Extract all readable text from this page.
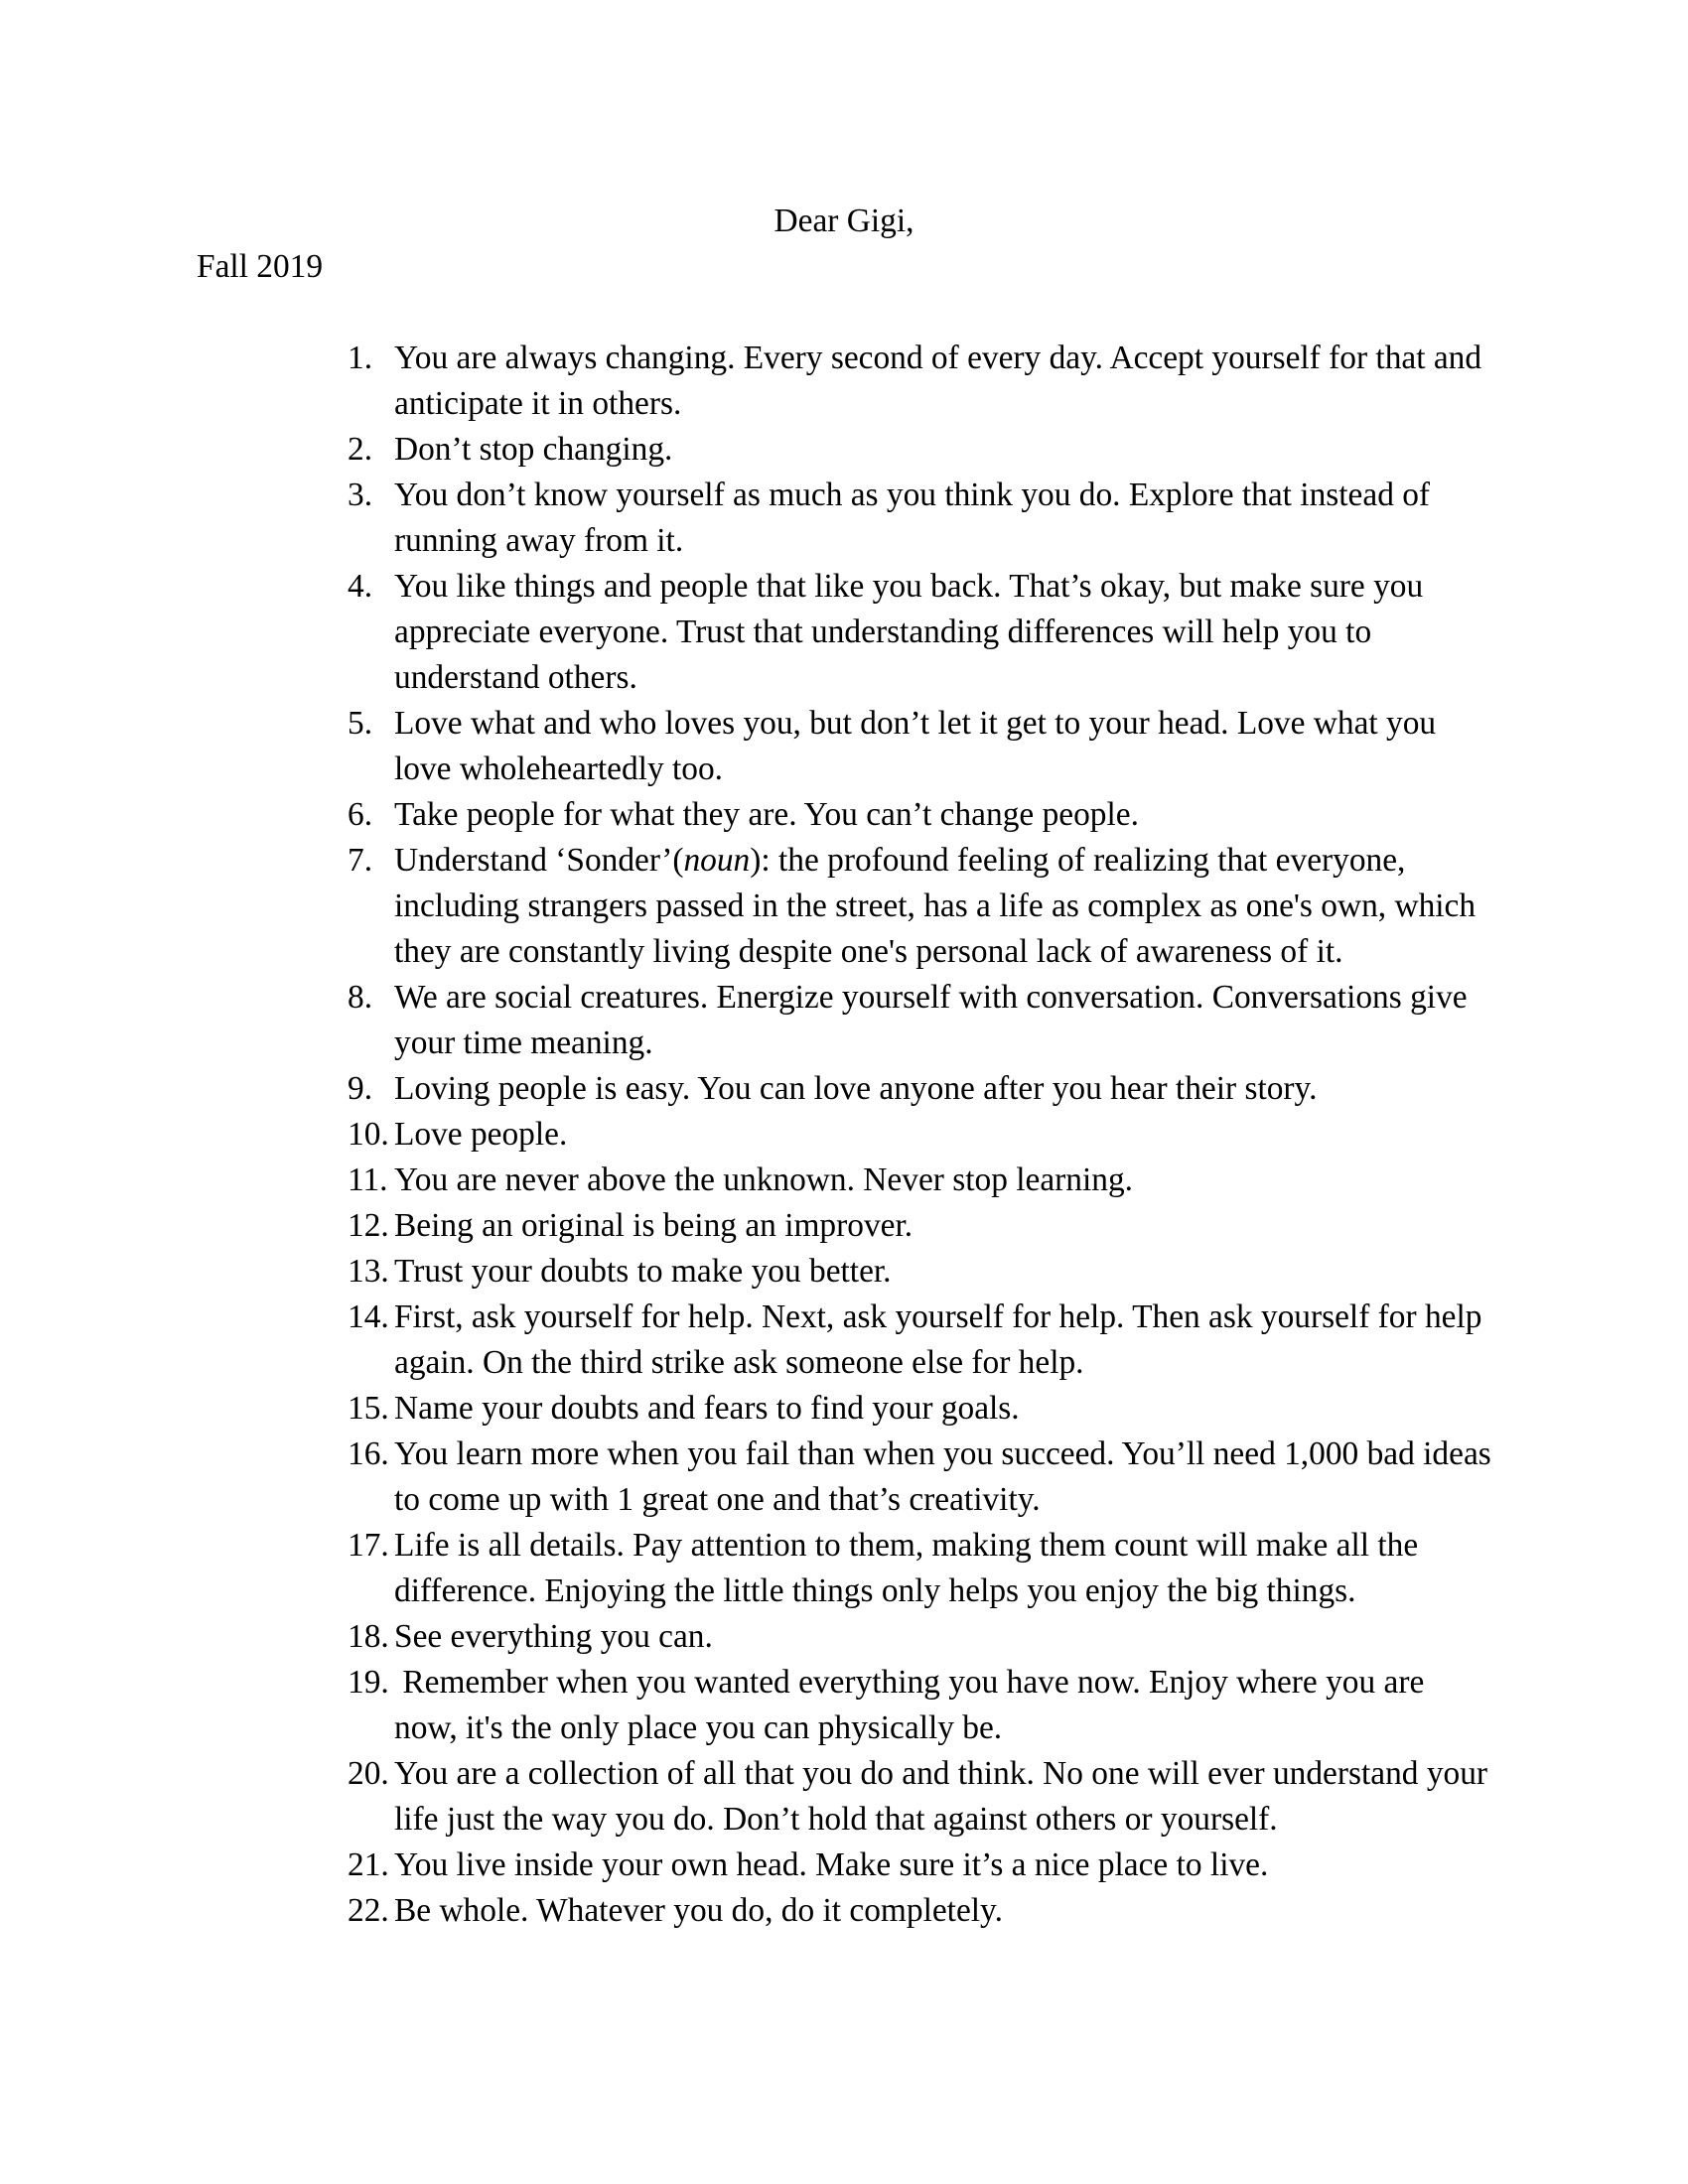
Dear Gigi,
Fall 2019
1. You are always changing. Every second of every day. Accept yourself for that and anticipate it in others.
2. Don’t stop changing.
3. You don’t know yourself as much as you think you do. Explore that instead of running away from it.
4. You like things and people that like you back. That’s okay, but make sure you appreciate everyone. Trust that understanding differences will help you to understand others.
5. Love what and who loves you, but don’t let it get to your head. Love what you love wholeheartedly too.
6. Take people for what they are. You can’t change people.
7. Understand ‘Sonder’(noun): the profound feeling of realizing that everyone, including strangers passed in the street, has a life as complex as one's own, which they are constantly living despite one's personal lack of awareness of it.
8. We are social creatures. Energize yourself with conversation. Conversations give your time meaning.
9. Loving people is easy. You can love anyone after you hear their story.
10. Love people.
11. You are never above the unknown. Never stop learning.
12. Being an original is being an improver.
13. Trust your doubts to make you better.
14. First, ask yourself for help. Next, ask yourself for help. Then ask yourself for help again. On the third strike ask someone else for help.
15. Name your doubts and fears to find your goals.
16. You learn more when you fail than when you succeed. You’ll need 1,000 bad ideas to come up with 1 great one and that’s creativity.
17. Life is all details. Pay attention to them, making them count will make all the difference. Enjoying the little things only helps you enjoy the big things.
18. See everything you can.
19. Remember when you wanted everything you have now. Enjoy where you are now, it's the only place you can physically be.
20. You are a collection of all that you do and think. No one will ever understand your life just the way you do. Don’t hold that against others or yourself.
21. You live inside your own head. Make sure it’s a nice place to live.
22. Be whole. Whatever you do, do it completely.
